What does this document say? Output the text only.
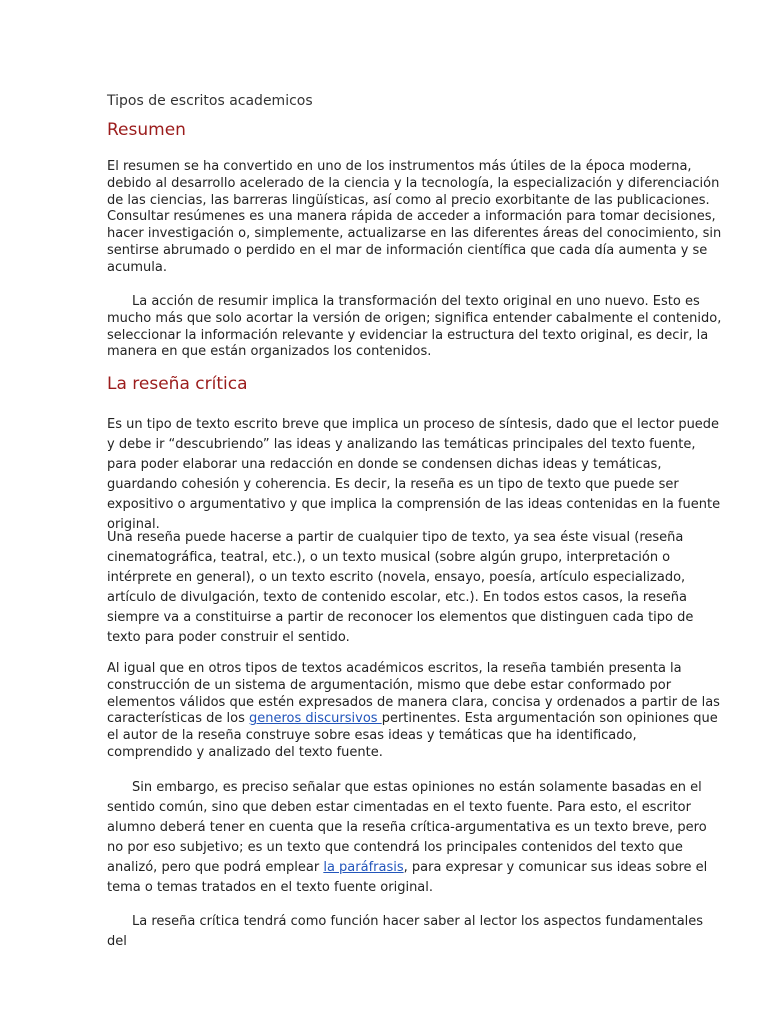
Tipos de escritos academicos
Resumen

El resumen se ha convertido en uno de los instrumentos más útiles de la época moderna, debido al desarrollo acelerado de la ciencia y la tecnología, la especialización y diferenciación de las ciencias, las barreras lingüísticas, así como al precio exorbitante de las publicaciones. Consultar resúmenes es una manera rápida de acceder a información para tomar decisiones, hacer investigación o, simplemente, actualizarse en las diferentes áreas del conocimiento, sin sentirse abrumado o perdido en el mar de información científica que cada día aumenta y se acumula.

La acción de resumir implica la transformación del texto original en uno nuevo. Esto es mucho más que solo acortar la versión de origen; significa entender cabalmente el contenido, seleccionar la información relevante y evidenciar la estructura del texto original, es decir, la manera en que están organizados los contenidos.

La reseña crítica

Es un tipo de texto escrito breve que implica un proceso de síntesis, dado que el lector puede y debe ir “descubriendo” las ideas y analizando las temáticas principales del texto fuente, para poder elaborar una redacción en donde se condensen dichas ideas y temáticas, guardando cohesión y coherencia. Es decir, la reseña es un tipo de texto que puede ser expositivo o argumentativo y que implica la comprensión de las ideas contenidas en la fuente original.

Una reseña puede hacerse a partir de cualquier tipo de texto, ya sea éste visual (reseña cinematográfica, teatral, etc.), o un texto musical (sobre algún grupo, interpretación o intérprete en general), o un texto escrito (novela, ensayo, poesía, artículo especializado, artículo de divulgación, texto de contenido escolar, etc.). En todos estos casos, la reseña siempre va a constituirse a partir de reconocer los elementos que distinguen cada tipo de texto para poder construir el sentido.

Al igual que en otros tipos de textos académicos escritos, la reseña también presenta la construcción de un sistema de argumentación, mismo que debe estar conformado por elementos válidos que estén expresados de manera clara, concisa y ordenados a partir de las características de los generos discursivos pertinentes. Esta argumentación son opiniones que el autor de la reseña construye sobre esas ideas y temáticas que ha identificado, comprendido y analizado del texto fuente.

Sin embargo, es preciso señalar que estas opiniones no están solamente basadas en el sentido común, sino que deben estar cimentadas en el texto fuente. Para esto, el escritor alumno deberá tener en cuenta que la reseña crítica-argumentativa es un texto breve, pero no por eso subjetivo; es un texto que contendrá los principales contenidos del texto que analizó, pero que podrá emplear la paráfrasis, para expresar y comunicar sus ideas sobre el tema o temas tratados en el texto fuente original.

La reseña crítica tendrá como función hacer saber al lector los aspectos fundamentales del
